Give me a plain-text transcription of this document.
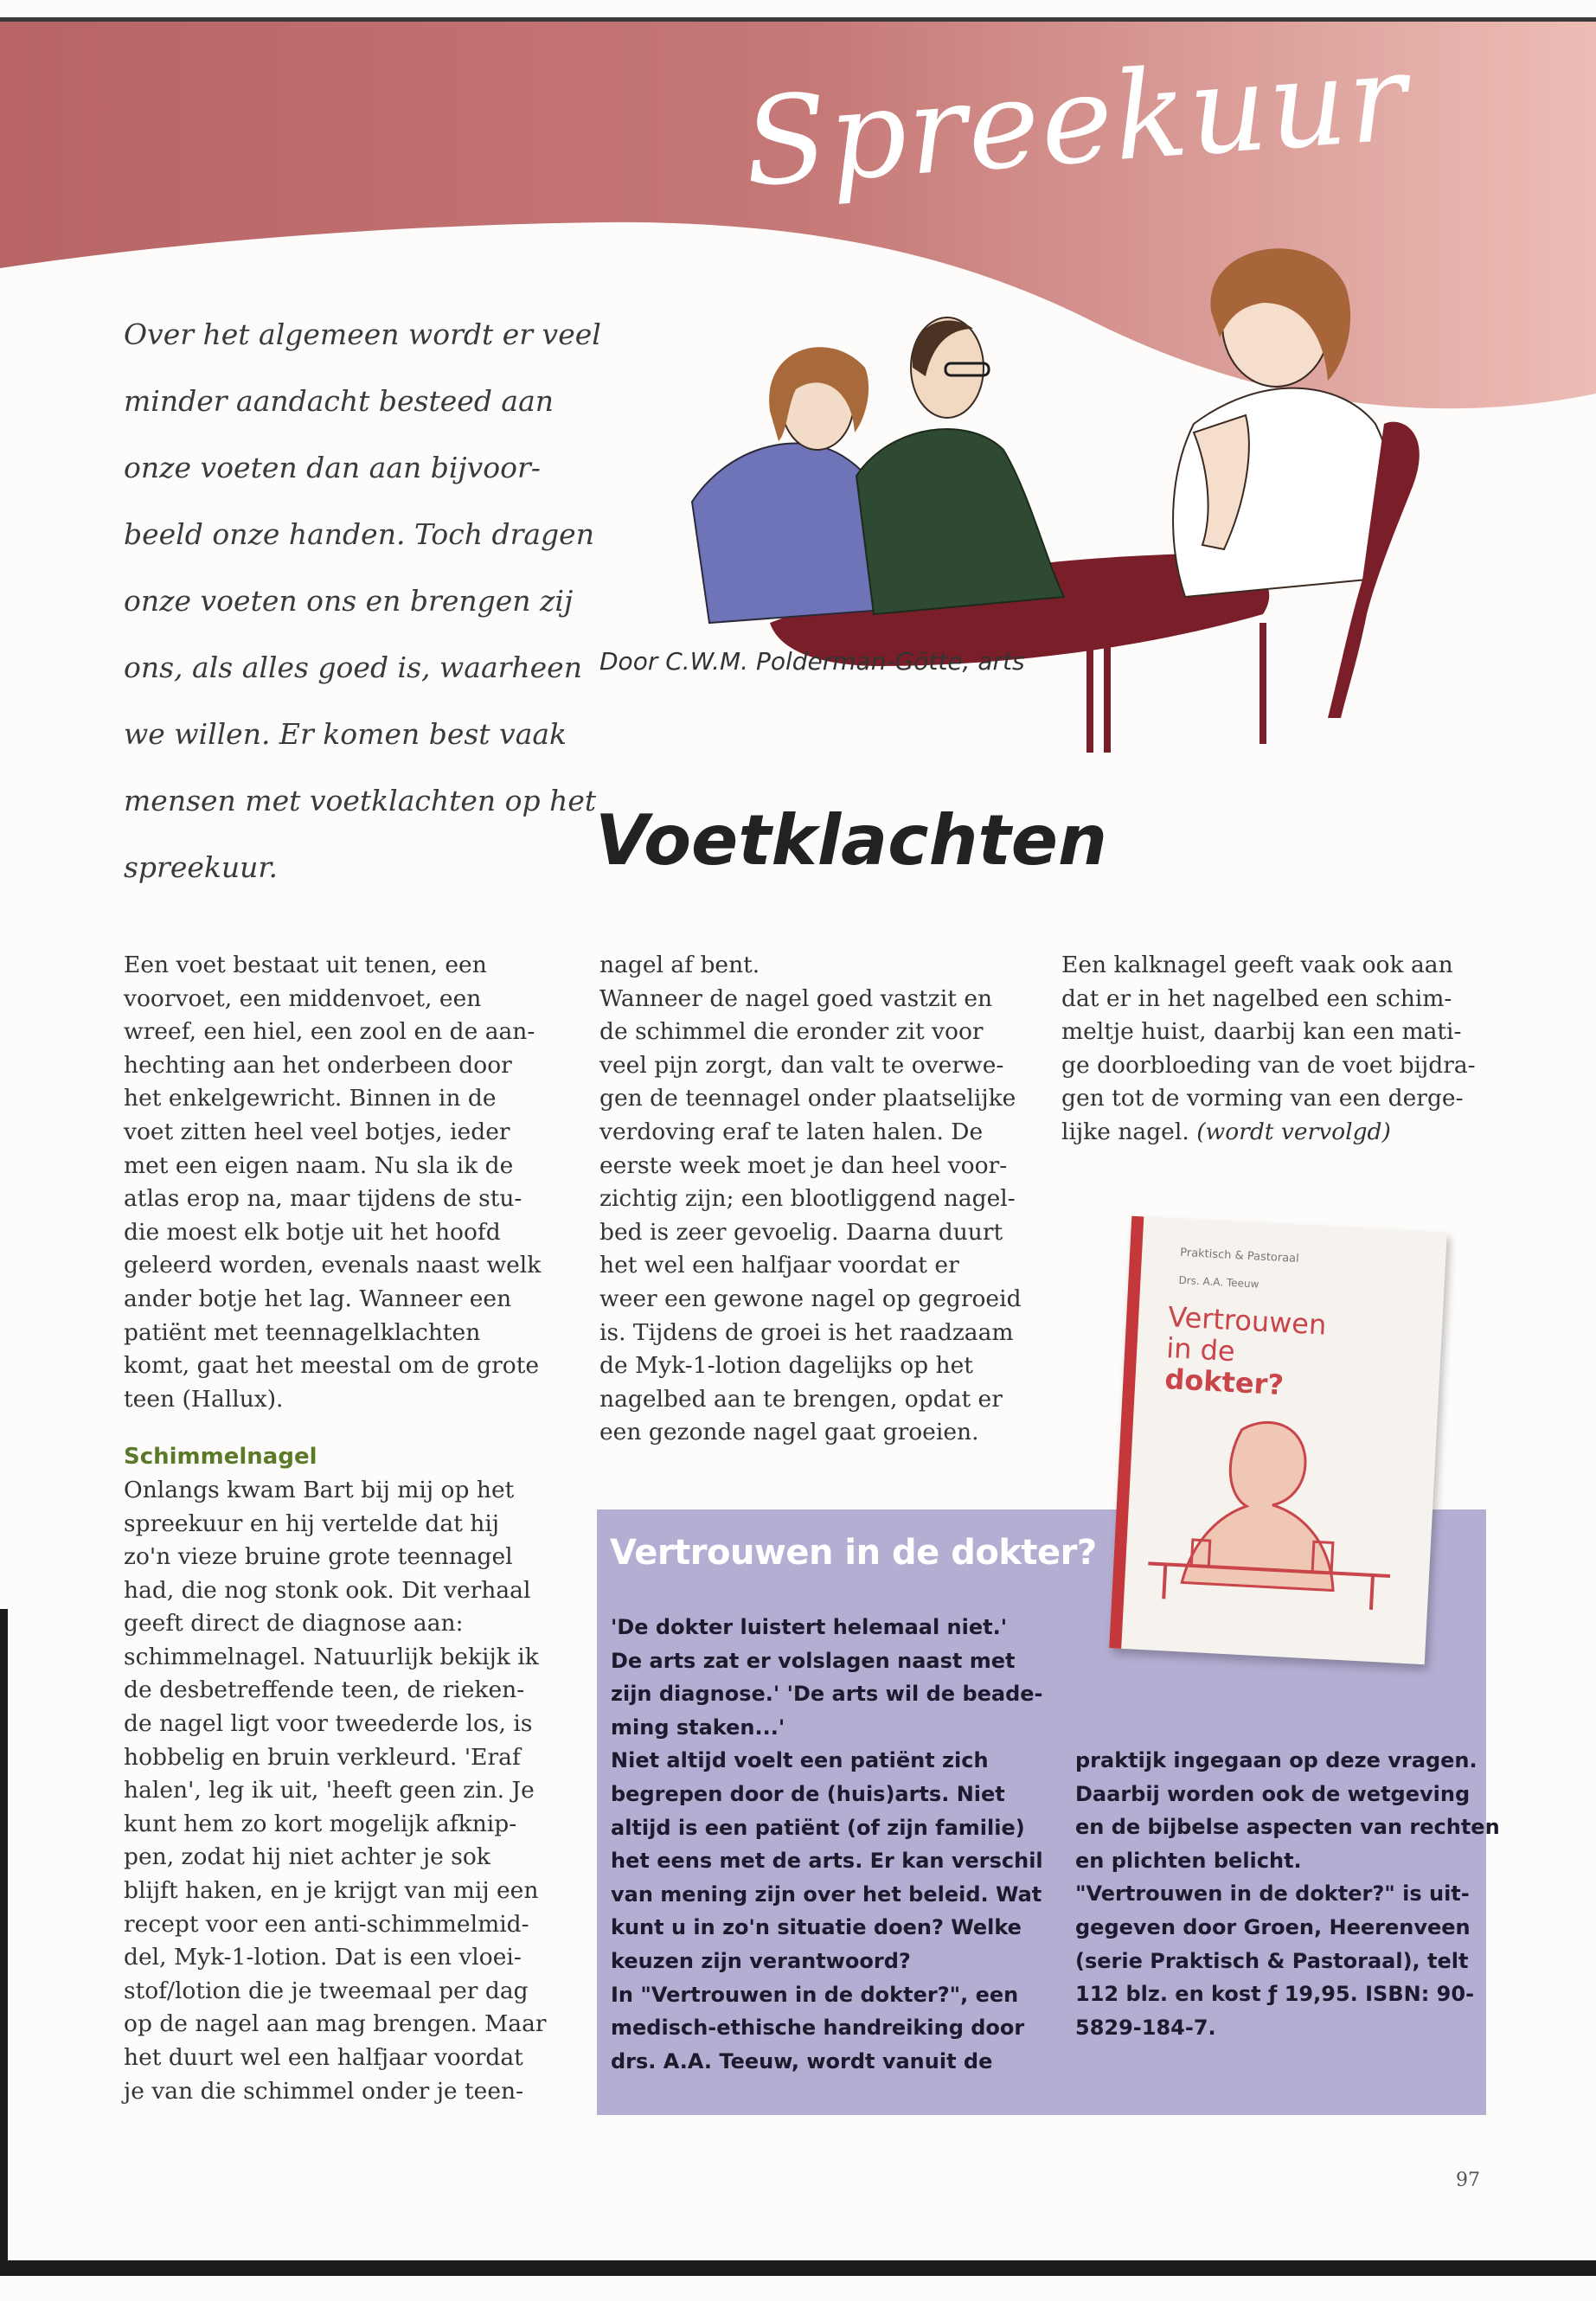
Spreekuur
Over het algemeen wordt er veel
minder aandacht besteed aan
onze voeten dan aan bijvoor-
beeld onze handen. Toch dragen
onze voeten ons en brengen zij
ons, als alles goed is, waarheen
we willen. Er komen best vaak
mensen met voetklachten op het
spreekuur.
Door C.W.M. Polderman-Götte, arts
Voetklachten
Een voet bestaat uit tenen, een
voorvoet, een middenvoet, een
wreef, een hiel, een zool en de aan-
hechting aan het onderbeen door
het enkelgewricht. Binnen in de
voet zitten heel veel botjes, ieder
met een eigen naam. Nu sla ik de
atlas erop na, maar tijdens de stu-
die moest elk botje uit het hoofd
geleerd worden, evenals naast welk
ander botje het lag. Wanneer een
patiënt met teennagelklachten
komt, gaat het meestal om de grote
teen (Hallux).
Schimmelnagel
Onlangs kwam Bart bij mij op het
spreekuur en hij vertelde dat hij
zo'n vieze bruine grote teennagel
had, die nog stonk ook. Dit verhaal
geeft direct de diagnose aan:
schimmelnagel. Natuurlijk bekijk ik
de desbetreffende teen, de rieken-
de nagel ligt voor tweederde los, is
hobbelig en bruin verkleurd. 'Eraf
halen', leg ik uit, 'heeft geen zin. Je
kunt hem zo kort mogelijk afknip-
pen, zodat hij niet achter je sok
blijft haken, en je krijgt van mij een
recept voor een anti-schimmelmid-
del, Myk-1-lotion. Dat is een vloei-
stof/lotion die je tweemaal per dag
op de nagel aan mag brengen. Maar
het duurt wel een halfjaar voordat
je van die schimmel onder je teen-
nagel af bent.
Wanneer de nagel goed vastzit en
de schimmel die eronder zit voor
veel pijn zorgt, dan valt te overwe-
gen de teennagel onder plaatselijke
verdoving eraf te laten halen. De
eerste week moet je dan heel voor-
zichtig zijn; een blootliggend nagel-
bed is zeer gevoelig. Daarna duurt
het wel een halfjaar voordat er
weer een gewone nagel op gegroeid
is. Tijdens de groei is het raadzaam
de Myk-1-lotion dagelijks op het
nagelbed aan te brengen, opdat er
een gezonde nagel gaat groeien.
Een kalknagel geeft vaak ook aan
dat er in het nagelbed een schim-
meltje huist, daarbij kan een mati-
ge doorbloeding van de voet bijdra-
gen tot de vorming van een derge-
lijke nagel. (wordt vervolgd)
Vertrouwen in de dokter?
'De dokter luistert helemaal niet.'
De arts zat er volslagen naast met
zijn diagnose.' 'De arts wil de beade-
ming staken...'
Niet altijd voelt een patiënt zich
begrepen door de (huis)arts. Niet
altijd is een patiënt (of zijn familie)
het eens met de arts. Er kan verschil
van mening zijn over het beleid. Wat
kunt u in zo'n situatie doen? Welke
keuzen zijn verantwoord?
In "Vertrouwen in de dokter?", een
medisch-ethische handreiking door
drs. A.A. Teeuw, wordt vanuit de
praktijk ingegaan op deze vragen.
Daarbij worden ook de wetgeving
en de bijbelse aspecten van rechten
en plichten belicht.
"Vertrouwen in de dokter?" is uit-
gegeven door Groen, Heerenveen
(serie Praktisch & Pastoraal), telt
112 blz. en kost ƒ 19,95. ISBN: 90-
5829-184-7.
Praktisch & Pastoraal
Drs. A.A. Teeuw
Vertrouwen
in de
dokter?
97
